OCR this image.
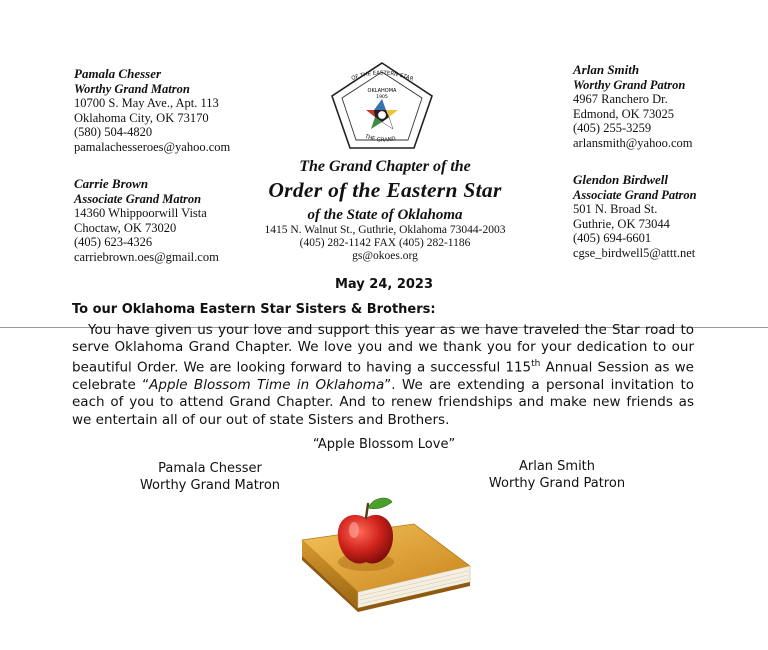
Pamala Chesser
Worthy Grand Matron
10700 S. May Ave., Apt. 113
Oklahoma City, OK 73170
(580) 504-4820
pamalachesseroes@yahoo.com
Carrie Brown
Associate Grand Matron
14360 Whippoorwill Vista
Choctaw, OK 73020
(405) 623-4326
carriebrown.oes@gmail.com
Arlan Smith
Worthy Grand Patron
4967 Ranchero Dr.
Edmond, OK 73025
(405) 255-3259
arlansmith@yahoo.com
Glendon Birdwell
Associate Grand Patron
501 N. Broad St.
Guthrie, OK 73044
(405) 694-6601
cgse_birdwell5@attt.net
OF THE EASTERN STAR
THE GRAND
OKLAHOMA
1905
The Grand Chapter of the
Order of the Eastern Star
of the State of Oklahoma
1415 N. Walnut St., Guthrie, Oklahoma 73044-2003
(405) 282-1142 FAX (405) 282-1186
gs@okoes.org
May 24, 2023
To our Oklahoma Eastern Star Sisters & Brothers:
You have given us your love and support this year as we have traveled the Star road to serve Oklahoma Grand Chapter. We love you and we thank you for your dedication to our beautiful Order. We are looking forward to having a successful 115th Annual Session as we celebrate “Apple Blossom Time in Oklahoma”. We are extending a personal invitation to each of you to attend Grand Chapter. And to renew friendships and make new friends as we entertain all of our out of state Sisters and Brothers.
“Apple Blossom Love”
Pamala Chesser
Worthy Grand Matron
Arlan Smith
Worthy Grand Patron
